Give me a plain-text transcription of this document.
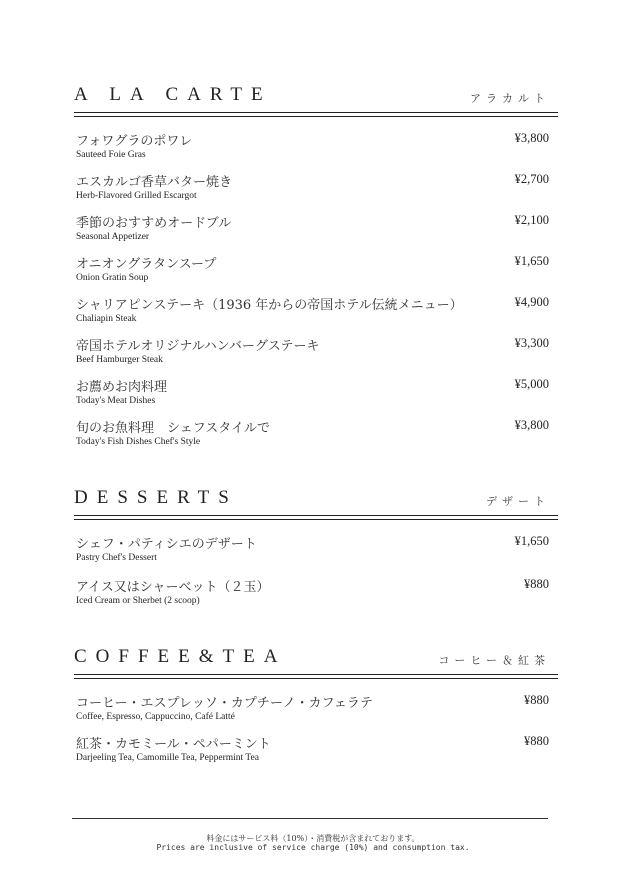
A LA CARTE	アラカルト
フォワグラのポワレ
Sauteed Foie Gras
¥3,800
エスカルゴ香草バター焼き
Herb-Flavored Grilled Escargot
¥2,700
季節のおすすめオードブル
Seasonal Appetizer
¥2,100
オニオングラタンスープ
Onion Gratin Soup
¥1,650
シャリアピンステーキ（1936 年からの帝国ホテル伝統メニュー）
Chaliapin Steak
¥4,900
帝国ホテルオリジナルハンバーグステーキ
Beef Hamburger Steak
¥3,300
お薦めお肉料理
Today's Meat Dishes
¥5,000
旬のお魚料理　シェフスタイルで
Today's Fish Dishes Chef's Style
¥3,800
DESSERTS	デザート
シェフ・パティシエのデザート
Pastry Chef's Dessert
¥1,650
アイス又はシャーベット（２玉）
Iced Cream or Sherbet (2 scoop)
¥880
COFFEE&TEA	コーヒー＆紅茶
コーヒー・エスプレッソ・カプチーノ・カフェラテ
Coffee, Espresso, Cappuccino, Café Latté
¥880
紅茶・カモミール・ペパーミント
Darjeeling Tea, Camomille Tea, Peppermint Tea
¥880
料金にはサービス料（10%）・消費税が含まれております。
Prices are inclusive of service charge (10%) and consumption tax.
